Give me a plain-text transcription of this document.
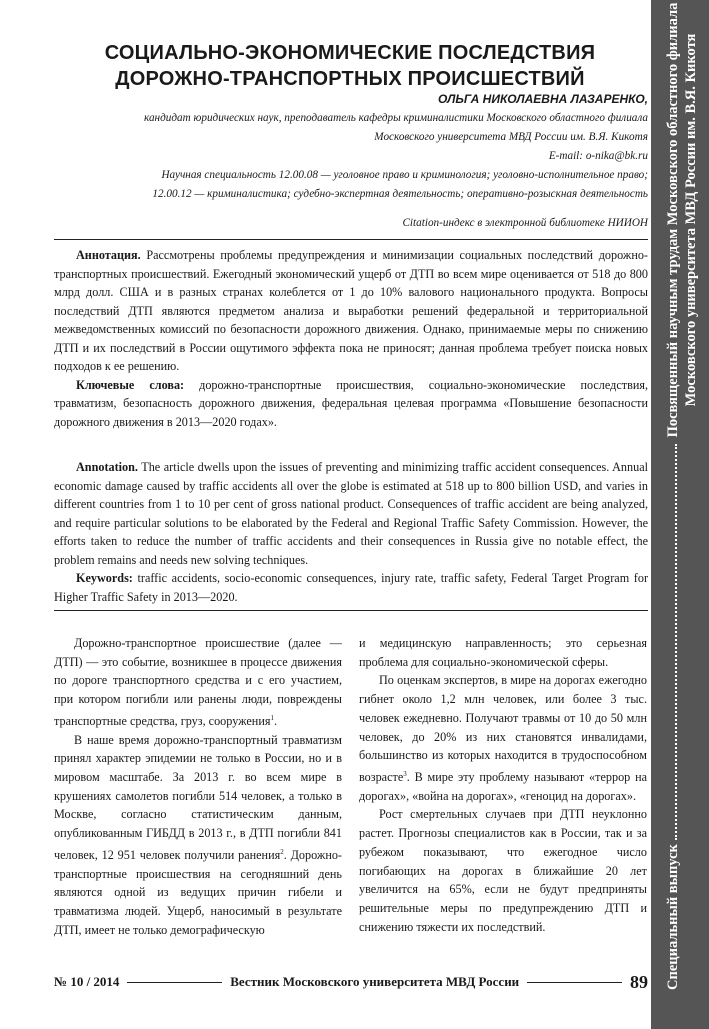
Специальный выпуск
Посвященный научным трудам Московского областного филиала Московского университета МВД России им. В.Я. Кикотя
СОЦИАЛЬНО-ЭКОНОМИЧЕСКИЕ ПОСЛЕДСТВИЯ
ДОРОЖНО-ТРАНСПОРТНЫХ ПРОИСШЕСТВИЙ
ОЛЬГА НИКОЛАЕВНА ЛАЗАРЕНКО,
кандидат юридических наук, преподаватель кафедры криминалистики Московского областного филиала
Московского университета МВД России им. В.Я. Кикотя
E-mail: o-nika@bk.ru
Научная специальность 12.00.08 — уголовное право и криминология; уголовно-исполнительное право;
12.00.12 — криминалистика; судебно-экспертная деятельность; оперативно-розыскная деятельность
Citation-индекс в электронной библиотеке НИИОН

Аннотация. Рассмотрены проблемы предупреждения и минимизации социальных последствий дорожно-транспортных происшествий. Ежегодный экономический ущерб от ДТП во всем мире оценивается от 518 до 800 млрд долл. США и в разных странах колеблется от 1 до 10% валового национального продукта. Вопросы последствий ДТП являются предметом анализа и выработки решений федеральной и территориальной межведомственных комиссий по безопасности дорожного движения. Однако, принимаемые меры по снижению ДТП и их последствий в России ощутимого эффекта пока не приносят; данная проблема требует поиска новых подходов к ее решению.

Ключевые слова: дорожно-транспортные происшествия, социально-экономические последствия, травматизм, безопасность дорожного движения, федеральная целевая программа «Повышение безопасности дорожного движения в 2013—2020 годах».

Annotation. The article dwells upon the issues of preventing and minimizing traffic accident consequences. Annual economic damage caused by traffic accidents all over the globe is estimated at 518 up to 800 billion USD, and varies in different countries from 1 to 10 per cent of gross national product. Consequences of traffic accident are being analyzed, and require particular solutions to be elaborated by the Federal and Regional Traffic Safety Commission. However, the efforts taken to reduce the number of traffic accidents and their consequences in Russia give no notable effect, the problem remains and needs new solving techniques.

Keywords: traffic accidents, socio-economic consequences, injury rate, traffic safety, Federal Target Program for Higher Traffic Safety in 2013—2020.

Дорожно-транспортное происшествие (далее — ДТП) — это событие, возникшее в процессе движения по дороге транспортного средства и с его участием, при котором погибли или ранены люди, повреждены транспортные средства, груз, сооружения$^1$.

В наше время дорожно-транспортный травматизм принял характер эпидемии не только в России, но и в мировом масштабе. За 2013 г. во всем мире в крушениях самолетов погибли 514 человек, а только в Москве, согласно статистическим данным, опубликованным ГИБДД в 2013 г., в ДТП погибли 841 человек, 12 951 человек получили ранения$^2$. Дорожно-транспортные происшествия на сегодняшний день являются одной из ведущих причин гибели и травматизма людей. Ущерб, наносимый в результате ДТП, имеет не только демографическую

и медицинскую направленность; это серьезная проблема для социально-экономической сферы.

По оценкам экспертов, в мире на дорогах ежегодно гибнет около 1,2 млн человек, или более 3 тыс. человек ежедневно. Получают травмы от 10 до 50 млн человек, до 20% из них становятся инвалидами, большинство из которых находится в трудоспособном возрасте$^3$. В мире эту проблему называют «террор на дорогах», «война на дорогах», «геноцид на дорогах».

Рост смертельных случаев при ДТП неуклонно растет. Прогнозы специалистов как в России, так и за рубежом показывают, что ежегодное число погибающих на дорогах в ближайшие 20 лет увеличится на 65%, если не будут предприняты решительные меры по предупреждению ДТП и снижению тяжести их последствий.

№ 10 / 2014	Вестник Московского университета МВД России	89
